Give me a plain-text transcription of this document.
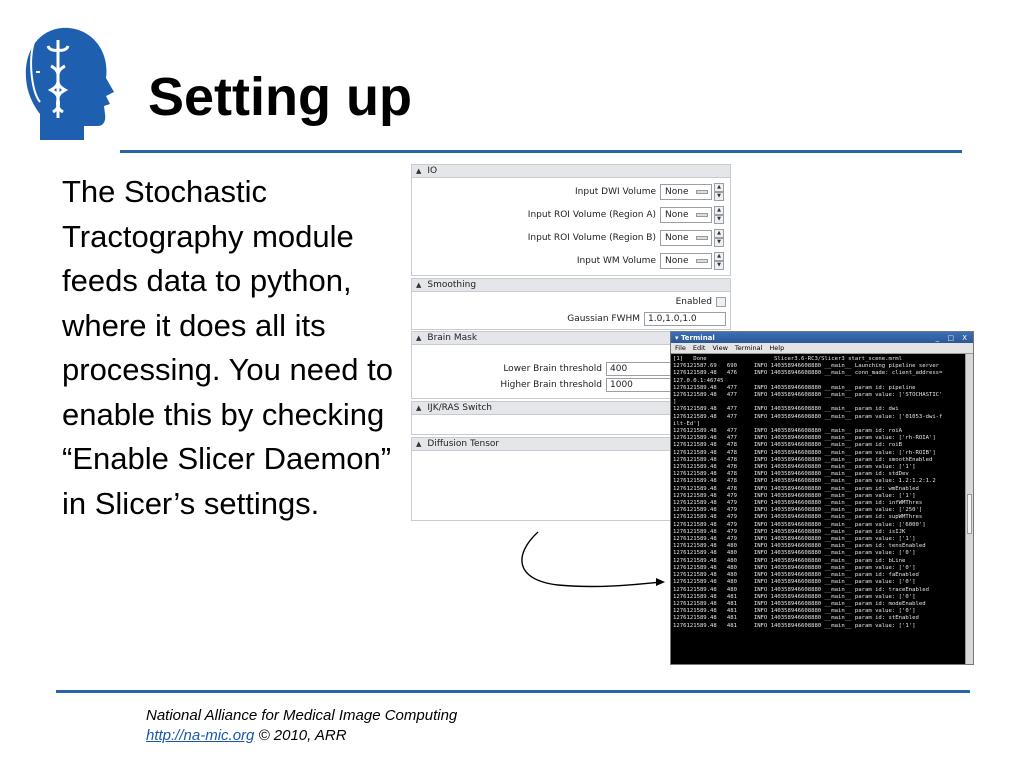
Setting up
The Stochastic Tractography module feeds data to python, where it does all its processing. You need to enable this by checking “Enable Slicer Daemon” in Slicer’s settings.
▲ IO
Input DWI Volume None	▲
▼
Input ROI Volume (Region A) None	▲
▼
Input ROI Volume (Region B) None	▲
▼
Input WM Volume None	▲
▼
▲ Smoothing
Enabled
Gaussian FWHM 1.0,1.0,1.0
▲ Brain Mask
Lower Brain threshold 400
Higher Brain threshold 1000
▲ IJK/RAS Switch
▲ Diffusion Tensor
▾ Terminal	_ □ X
File Edit View Terminal Help
[1]   Done                    Slicer3.6-RC3/Slicer3 start_scene.mrml
1276121587.69   690     INFO 140358946608880 __main__ Launching pipeline server
1276121589.48   476     INFO 140358946608880 __main__ conn_made: client_address=
127.0.0.1:46745
1276121589.48   477     INFO 140358946608880 __main__ param id: pipeline
1276121589.48   477     INFO 140358946608880 __main__ param value: ['STOCHASTIC'
]
1276121589.48   477     INFO 140358946608880 __main__ param id: dwi
1276121589.48   477     INFO 140358946608880 __main__ param value: ['01053-dwi-f
ilt-Ed']
1276121589.48   477     INFO 140358946608880 __main__ param id: roiA
1276121589.48   477     INFO 140358946608880 __main__ param value: ['rh-ROIA']
1276121589.48   478     INFO 140358946608880 __main__ param id: roiB
1276121589.48   478     INFO 140358946608880 __main__ param value: ['rh-ROIB']
1276121589.48   478     INFO 140358946608880 __main__ param id: smoothEnabled
1276121589.48   478     INFO 140358946608880 __main__ param value: ['1']
1276121589.48   478     INFO 140358946608880 __main__ param id: stdDev
1276121589.48   478     INFO 140358946608880 __main__ param value: 1.2:1.2:1.2
1276121589.48   478     INFO 140358946608880 __main__ param id: wmEnabled
1276121589.48   479     INFO 140358946608880 __main__ param value: ['1']
1276121589.48   479     INFO 140358946608880 __main__ param id: infWMThres
1276121589.48   479     INFO 140358946608880 __main__ param value: ['250']
1276121589.48   479     INFO 140358946608880 __main__ param id: supWMThres
1276121589.48   479     INFO 140358946608880 __main__ param value: ['6000']
1276121589.48   479     INFO 140358946608880 __main__ param id: isIJK
1276121589.48   479     INFO 140358946608880 __main__ param value: ['1']
1276121589.48   480     INFO 140358946608880 __main__ param id: tensEnabled
1276121589.48   480     INFO 140358946608880 __main__ param value: ['0']
1276121589.48   480     INFO 140358946608880 __main__ param id: bLine
1276121589.48   480     INFO 140358946608880 __main__ param value: ['0']
1276121589.48   480     INFO 140358946608880 __main__ param id: faEnabled
1276121589.48   480     INFO 140358946608880 __main__ param value: ['0']
1276121589.48   480     INFO 140358946608880 __main__ param id: traceEnabled
1276121589.48   481     INFO 140358946608880 __main__ param value: ['0']
1276121589.48   481     INFO 140358946608880 __main__ param id: modeEnabled
1276121589.48   481     INFO 140358946608880 __main__ param value: ['0']
1276121589.48   481     INFO 140358946608880 __main__ param id: stEnabled
1276121589.48   481     INFO 140358946608880 __main__ param value: ['1']
National Alliance for Medical Image Computing
http://na-mic.org © 2010, ARR
